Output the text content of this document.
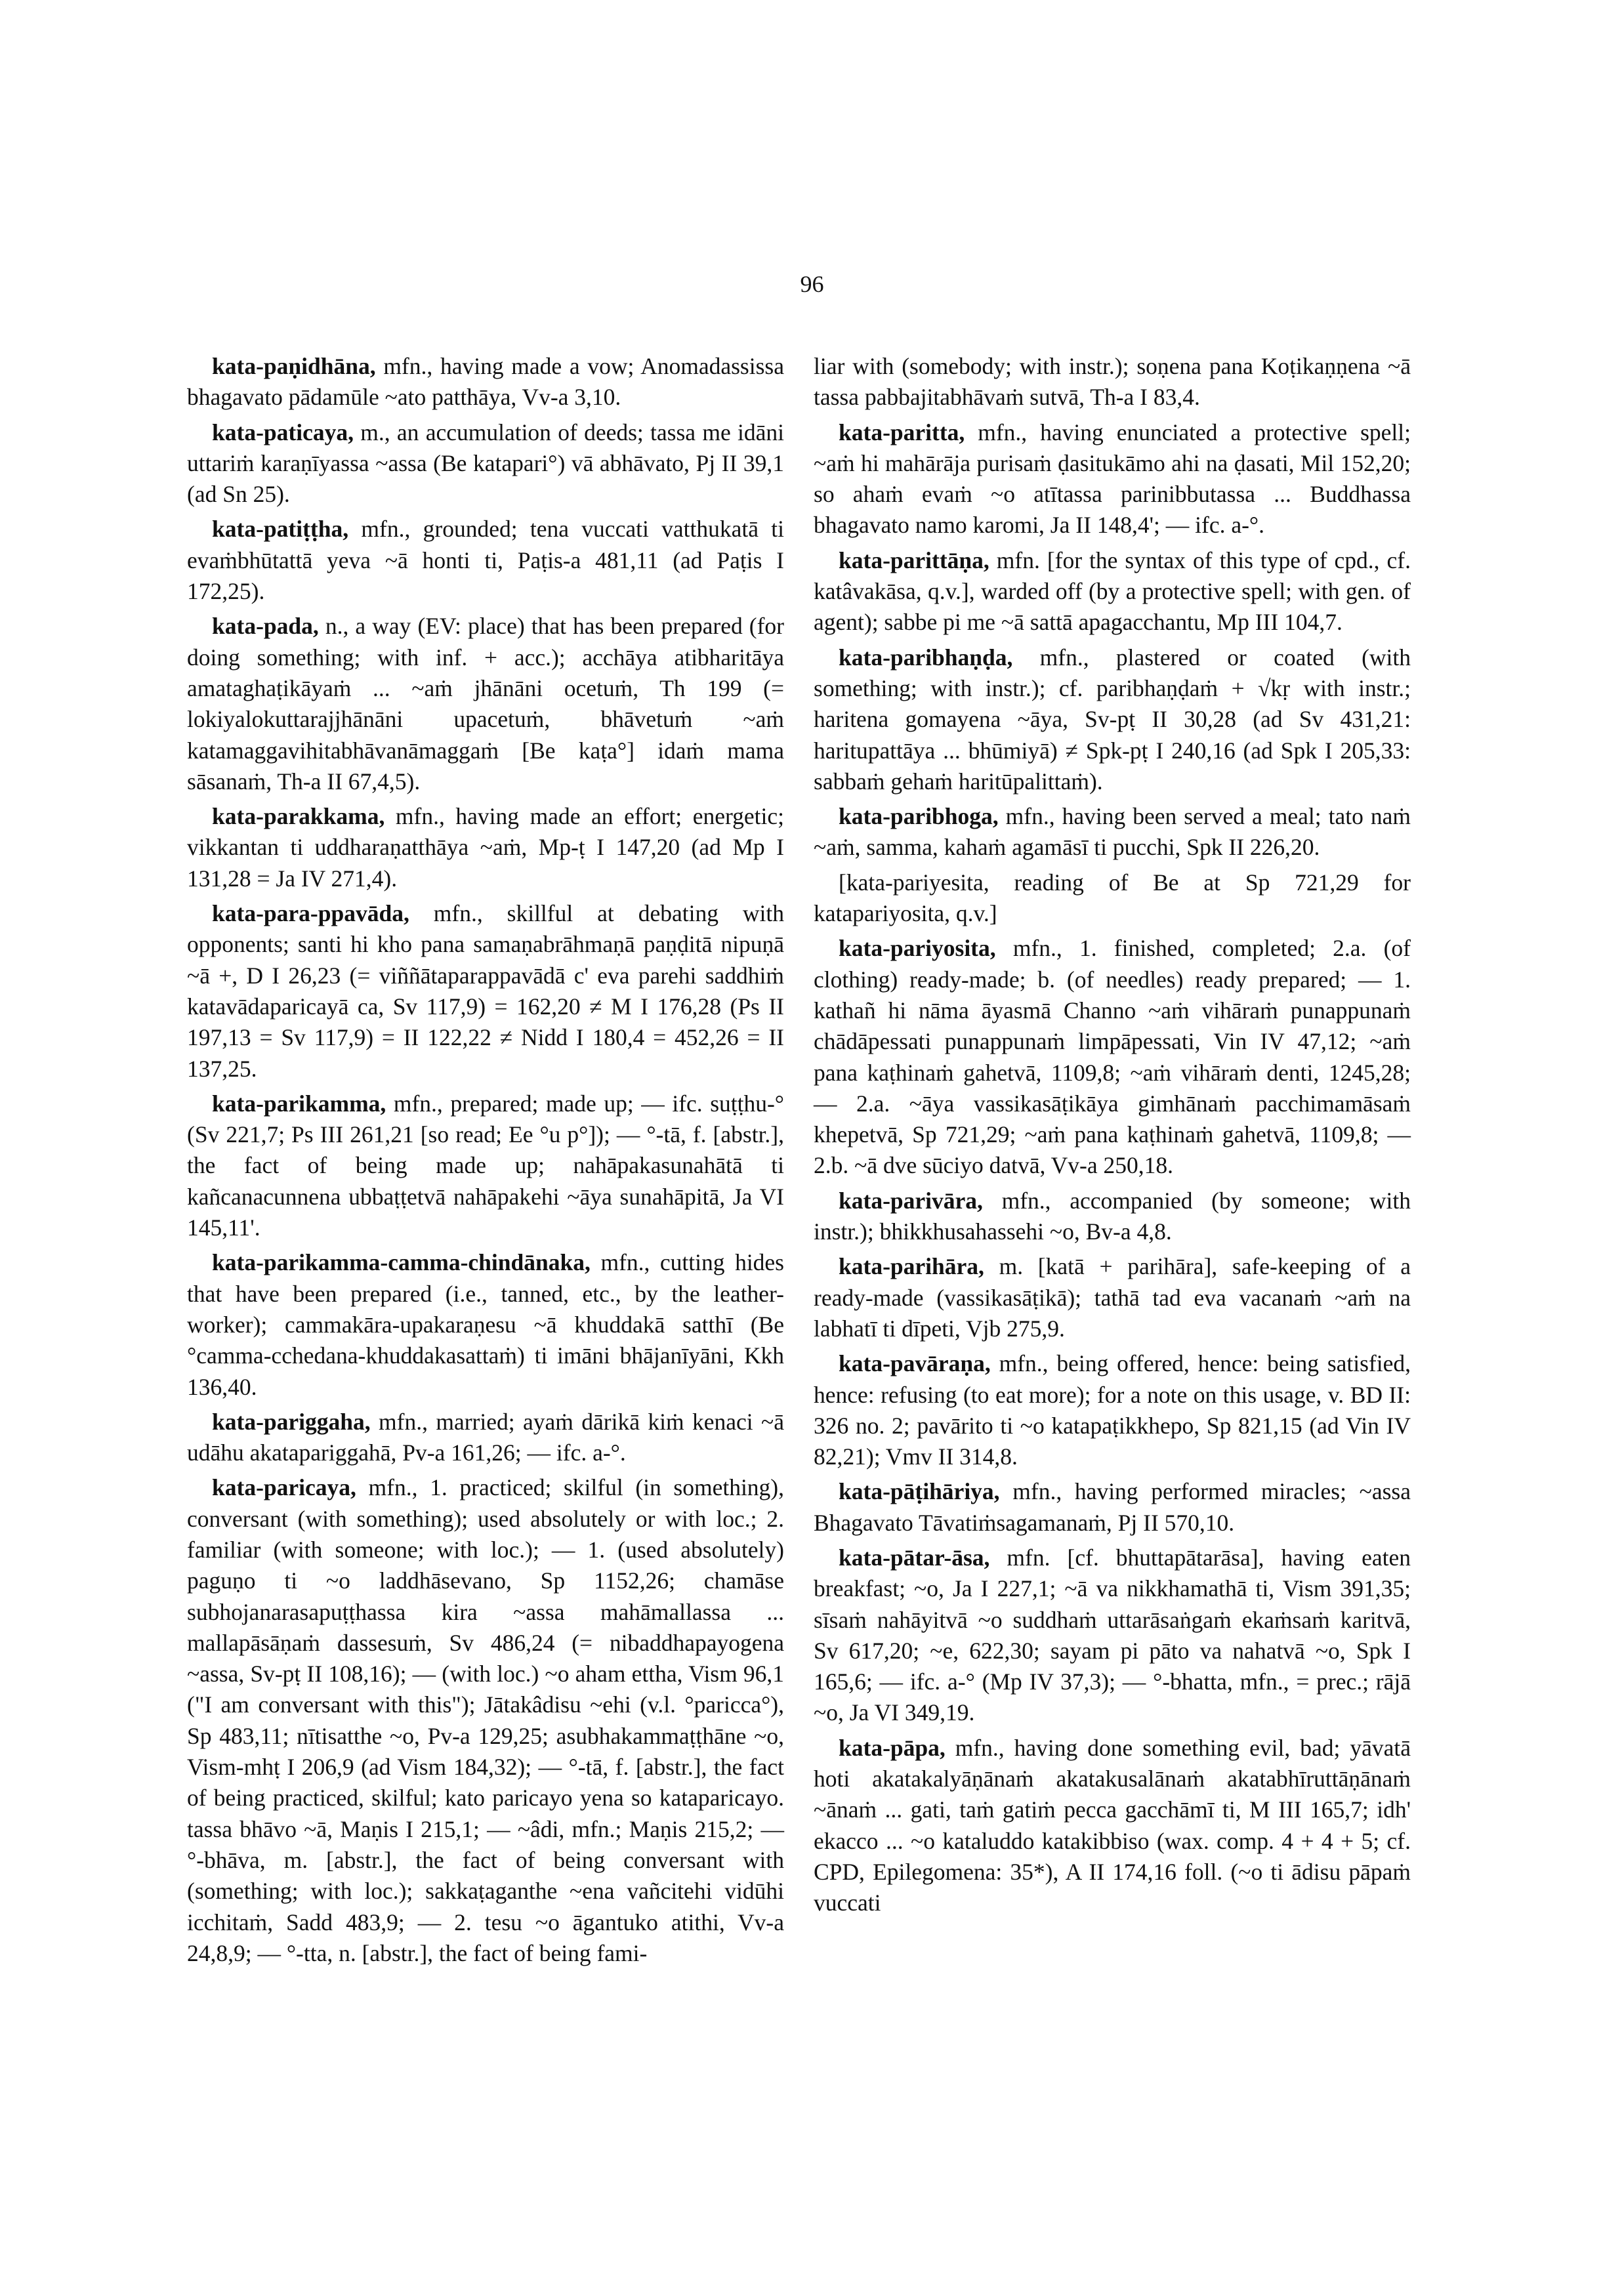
96

kata-paṇidhāna, mfn., having made a vow; Anomadassissa bhagavato pādamūle ~ato patthāya, Vv-a 3,10.

kata-paticaya, m., an accumulation of deeds; tassa me idāni uttariṁ karaṇīyassa ~assa (Be katapari°) vā abhāvato, Pj II 39,1 (ad Sn 25).

kata-patiṭṭha, mfn., grounded; tena vuccati vatthukatā ti evaṁbhūtattā yeva ~ā honti ti, Paṭis-a 481,11 (ad Paṭis I 172,25).

kata-pada, n., a way (EV: place) that has been prepared (for doing something; with inf. + acc.); acchāya atibharitāya amataghaṭikāyaṁ ... ~aṁ jhānāni ocetuṁ, Th 199 (= lokiyalokuttarajjhānāni upacetuṁ, bhāvetuṁ ~aṁ katamaggavihitabhāvanāmaggaṁ [Be kaṭa°] idaṁ mama sāsanaṁ, Th-a II 67,4,5).

kata-parakkama, mfn., having made an effort; energetic; vikkantan ti uddharaṇatthāya ~aṁ, Mp-ṭ I 147,20 (ad Mp I 131,28 = Ja IV 271,4).

kata-para-ppavāda, mfn., skillful at debating with opponents; santi hi kho pana samaṇabrāhmaṇā paṇḍitā nipuṇā ~ā +, D I 26,23 (= viññātaparappavādā c' eva parehi saddhiṁ katavādaparicayā ca, Sv 117,9) = 162,20 ≠ M I 176,28 (Ps II 197,13 = Sv 117,9) = II 122,22 ≠ Nidd I 180,4 = 452,26 = II 137,25.

kata-parikamma, mfn., prepared; made up; — ifc. suṭṭhu-° (Sv 221,7; Ps III 261,21 [so read; Ee °u p°]); — °-tā, f. [abstr.], the fact of being made up; nahāpakasunahātā ti kañcanacunnena ubbaṭṭetvā nahāpakehi ~āya sunahāpitā, Ja VI 145,11'.

kata-parikamma-camma-chindānaka, mfn., cutting hides that have been prepared (i.e., tanned, etc., by the leather-worker); cammakāra-upakaraṇesu ~ā khuddakā satthī (Be °camma-cchedana-khuddakasattaṁ) ti imāni bhājanīyāni, Kkh 136,40.

kata-pariggaha, mfn., married; ayaṁ dārikā kiṁ kenaci ~ā udāhu akatapariggahā, Pv-a 161,26; — ifc. a-°.

kata-paricaya, mfn., 1. practiced; skilful (in something), conversant (with something); used absolutely or with loc.; 2. familiar (with someone; with loc.); — 1. (used absolutely) paguṇo ti ~o laddhāsevano, Sp 1152,26; chamāse subhojanarasapuṭṭhassa kira ~assa mahāmallassa ... mallapāsāṇaṁ dassesuṁ, Sv 486,24 (= nibaddhapayogena ~assa, Sv-pṭ II 108,16); — (with loc.) ~o aham ettha, Vism 96,1 ("I am conversant with this"); Jātakâdisu ~ehi (v.l. °paricca°), Sp 483,11; nītisatthe ~o, Pv-a 129,25; asubhakammaṭṭhāne ~o, Vism-mhṭ I 206,9 (ad Vism 184,32); — °-tā, f. [abstr.], the fact of being practiced, skilful; kato paricayo yena so kataparicayo. tassa bhāvo ~ā, Maṇis I 215,1; — ~âdi, mfn.; Maṇis 215,2; — °-bhāva, m. [abstr.], the fact of being conversant with (something; with loc.); sakkaṭaganthe ~ena vañcitehi vidūhi icchitaṁ, Sadd 483,9; — 2. tesu ~o āgantuko atithi, Vv-a 24,8,9; — °-tta, n. [abstr.], the fact of being fami-

liar with (somebody; with instr.); soṇena pana Koṭikaṇṇena ~ā tassa pabbajitabhāvaṁ sutvā, Th-a I 83,4.

kata-paritta, mfn., having enunciated a protective spell; ~aṁ hi mahārāja purisaṁ ḍasitukāmo ahi na ḍasati, Mil 152,20; so ahaṁ evaṁ ~o atītassa parinibbutassa ... Buddhassa bhagavato namo karomi, Ja II 148,4'; — ifc. a-°.

kata-parittāṇa, mfn. [for the syntax of this type of cpd., cf. katâvakāsa, q.v.], warded off (by a protective spell; with gen. of agent); sabbe pi me ~ā sattā apagacchantu, Mp III 104,7.

kata-paribhaṇḍa, mfn., plastered or coated (with something; with instr.); cf. paribhaṇḍaṁ + √kṛ with instr.; haritena gomayena ~āya, Sv-pṭ II 30,28 (ad Sv 431,21: haritupattāya ... bhūmiyā) ≠ Spk-pṭ I 240,16 (ad Spk I 205,33: sabbaṁ gehaṁ haritūpalittaṁ).

kata-paribhoga, mfn., having been served a meal; tato naṁ ~aṁ, samma, kahaṁ agamāsī ti pucchi, Spk II 226,20.

[kata-pariyesita, reading of Be at Sp 721,29 for katapariyosita, q.v.]

kata-pariyosita, mfn., 1. finished, completed; 2.a. (of clothing) ready-made; b. (of needles) ready prepared; — 1. kathañ hi nāma āyasmā Channo ~aṁ vihāraṁ punappunaṁ chādāpessati punappunaṁ limpāpessati, Vin IV 47,12; ~aṁ pana kaṭhinaṁ gahetvā, 1109,8; ~aṁ vihāraṁ denti, 1245,28; — 2.a. ~āya vassikasāṭikāya gimhānaṁ pacchimamāsaṁ khepetvā, Sp 721,29; ~aṁ pana kaṭhinaṁ gahetvā, 1109,8; — 2.b. ~ā dve sūciyo datvā, Vv-a 250,18.

kata-parivāra, mfn., accompanied (by someone; with instr.); bhikkhusahassehi ~o, Bv-a 4,8.

kata-parihāra, m. [katā + parihāra], safe-keeping of a ready-made (vassikasāṭikā); tathā tad eva vacanaṁ ~aṁ na labhatī ti dīpeti, Vjb 275,9.

kata-pavāraṇa, mfn., being offered, hence: being satisfied, hence: refusing (to eat more); for a note on this usage, v. BD II: 326 no. 2; pavārito ti ~o katapaṭikkhepo, Sp 821,15 (ad Vin IV 82,21); Vmv II 314,8.

kata-pāṭihāriya, mfn., having performed miracles; ~assa Bhagavato Tāvatiṁsagamanaṁ, Pj II 570,10.

kata-pātar-āsa, mfn. [cf. bhuttapātarāsa], having eaten breakfast; ~o, Ja I 227,1; ~ā va nikkhamathā ti, Vism 391,35; sīsaṁ nahāyitvā ~o suddhaṁ uttarāsaṅgaṁ ekaṁsaṁ karitvā, Sv 617,20; ~e, 622,30; sayam pi pāto va nahatvā ~o, Spk I 165,6; — ifc. a-° (Mp IV 37,3); — °-bhatta, mfn., = prec.; rājā ~o, Ja VI 349,19.

kata-pāpa, mfn., having done something evil, bad; yāvatā hoti akatakalyāṇānaṁ akatakusalānaṁ akatabhīruttāṇānaṁ ~ānaṁ ... gati, taṁ gatiṁ pecca gacchāmī ti, M III 165,7; idh' ekacco ... ~o kataluddo katakibbiso (wax. comp. 4 + 4 + 5; cf. CPD, Epilegomena: 35*), A II 174,16 foll. (~o ti ādisu pāpaṁ vuccati
